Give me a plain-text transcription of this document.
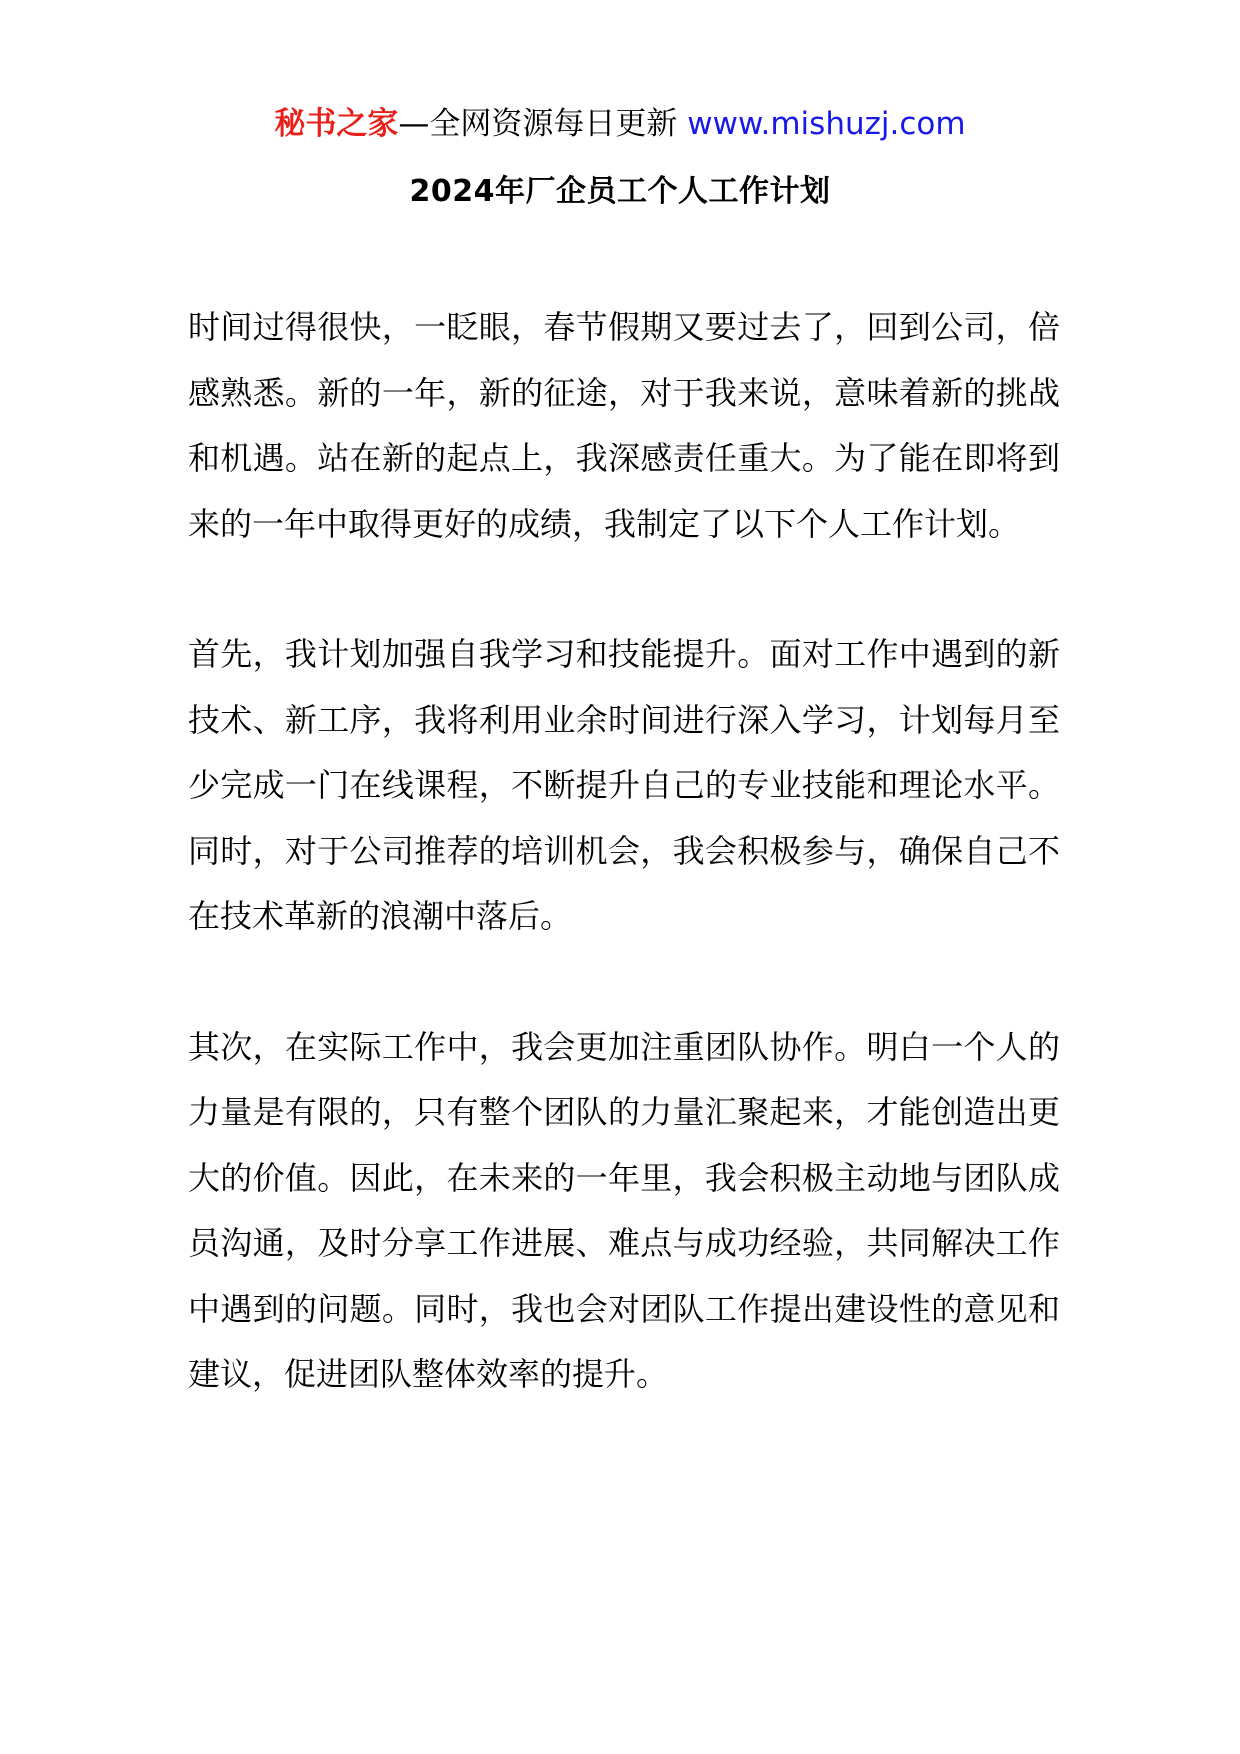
秘书之家—全网资源每日更新 www.mishuzj.com
2024年厂企员工个人工作计划

时间过得很快，一眨眼，春节假期又要过去了，回到公司，倍感熟悉。新的一年，新的征途，对于我来说，意味着新的挑战和机遇。站在新的起点上，我深感责任重大。为了能在即将到来的一年中取得更好的成绩，我制定了以下个人工作计划。

首先，我计划加强自我学习和技能提升。面对工作中遇到的新技术、新工序，我将利用业余时间进行深入学习，计划每月至少完成一门在线课程，不断提升自己的专业技能和理论水平。同时，对于公司推荐的培训机会，我会积极参与，确保自己不在技术革新的浪潮中落后。

其次，在实际工作中，我会更加注重团队协作。明白一个人的力量是有限的，只有整个团队的力量汇聚起来，才能创造出更大的价值。因此，在未来的一年里，我会积极主动地与团队成员沟通，及时分享工作进展、难点与成功经验，共同解决工作中遇到的问题。同时，我也会对团队工作提出建设性的意见和建议，促进团队整体效率的提升。
